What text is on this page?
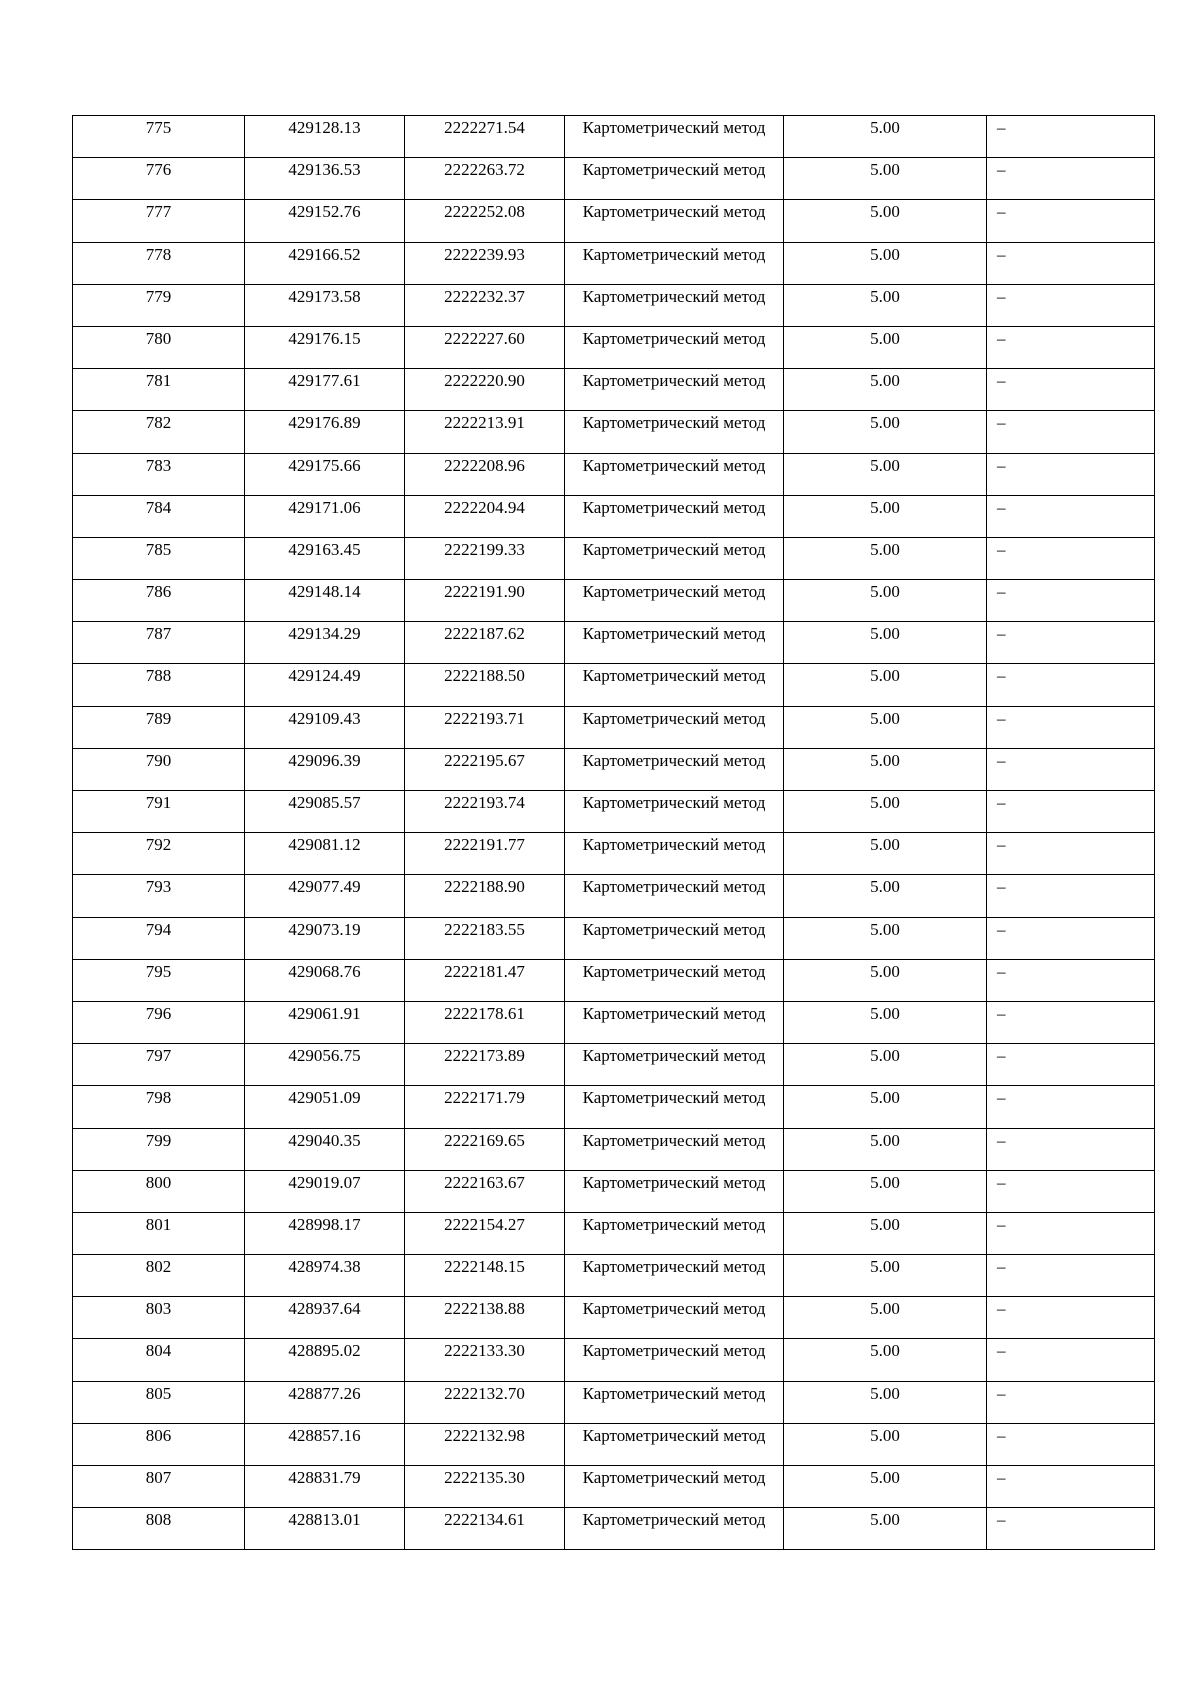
775	429128.13	2222271.54	Картометрический метод	5.00	–

776	429136.53	2222263.72	Картометрический метод	5.00	–

777	429152.76	2222252.08	Картометрический метод	5.00	–

778	429166.52	2222239.93	Картометрический метод	5.00	–

779	429173.58	2222232.37	Картометрический метод	5.00	–

780	429176.15	2222227.60	Картометрический метод	5.00	–

781	429177.61	2222220.90	Картометрический метод	5.00	–

782	429176.89	2222213.91	Картометрический метод	5.00	–

783	429175.66	2222208.96	Картометрический метод	5.00	–

784	429171.06	2222204.94	Картометрический метод	5.00	–

785	429163.45	2222199.33	Картометрический метод	5.00	–

786	429148.14	2222191.90	Картометрический метод	5.00	–

787	429134.29	2222187.62	Картометрический метод	5.00	–

788	429124.49	2222188.50	Картометрический метод	5.00	–

789	429109.43	2222193.71	Картометрический метод	5.00	–

790	429096.39	2222195.67	Картометрический метод	5.00	–

791	429085.57	2222193.74	Картометрический метод	5.00	–

792	429081.12	2222191.77	Картометрический метод	5.00	–

793	429077.49	2222188.90	Картометрический метод	5.00	–

794	429073.19	2222183.55	Картометрический метод	5.00	–

795	429068.76	2222181.47	Картометрический метод	5.00	–

796	429061.91	2222178.61	Картометрический метод	5.00	–

797	429056.75	2222173.89	Картометрический метод	5.00	–

798	429051.09	2222171.79	Картометрический метод	5.00	–

799	429040.35	2222169.65	Картометрический метод	5.00	–

800	429019.07	2222163.67	Картометрический метод	5.00	–

801	428998.17	2222154.27	Картометрический метод	5.00	–

802	428974.38	2222148.15	Картометрический метод	5.00	–

803	428937.64	2222138.88	Картометрический метод	5.00	–

804	428895.02	2222133.30	Картометрический метод	5.00	–

805	428877.26	2222132.70	Картометрический метод	5.00	–

806	428857.16	2222132.98	Картометрический метод	5.00	–

807	428831.79	2222135.30	Картометрический метод	5.00	–

808	428813.01	2222134.61	Картометрический метод	5.00	–
